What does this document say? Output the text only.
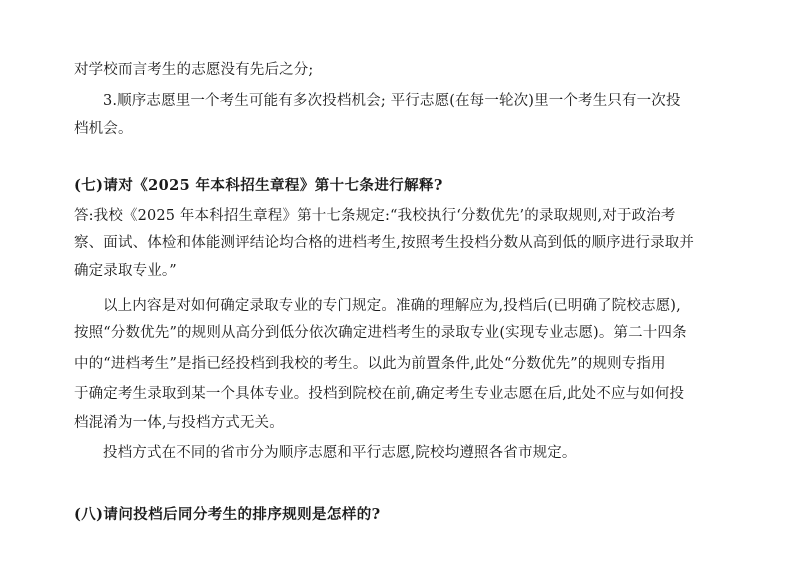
对学校而言考生的志愿没有先后之分;
3.顺序志愿里一个考生可能有多次投档机会; 平行志愿(在每一轮次)里一个考生只有一次投
档机会。
(七)请对《2025 年本科招生章程》第十七条进行解释?
答:我校《2025 年本科招生章程》第十七条规定:“我校执行‘分数优先’的录取规则,对于政治考
察、面试、体检和体能测评结论均合格的进档考生,按照考生投档分数从高到低的顺序进行录取并
确定录取专业。”
以上内容是对如何确定录取专业的专门规定。准确的理解应为,投档后(已明确了院校志愿),
按照“分数优先”的规则从高分到低分依次确定进档考生的录取专业(实现专业志愿)。第二十四条
中的“进档考生”是指已经投档到我校的考生。以此为前置条件,此处“分数优先”的规则专指用
于确定考生录取到某一个具体专业。投档到院校在前,确定考生专业志愿在后,此处不应与如何投
档混淆为一体,与投档方式无关。
投档方式在不同的省市分为顺序志愿和平行志愿,院校均遵照各省市规定。
(八)请问投档后同分考生的排序规则是怎样的?
